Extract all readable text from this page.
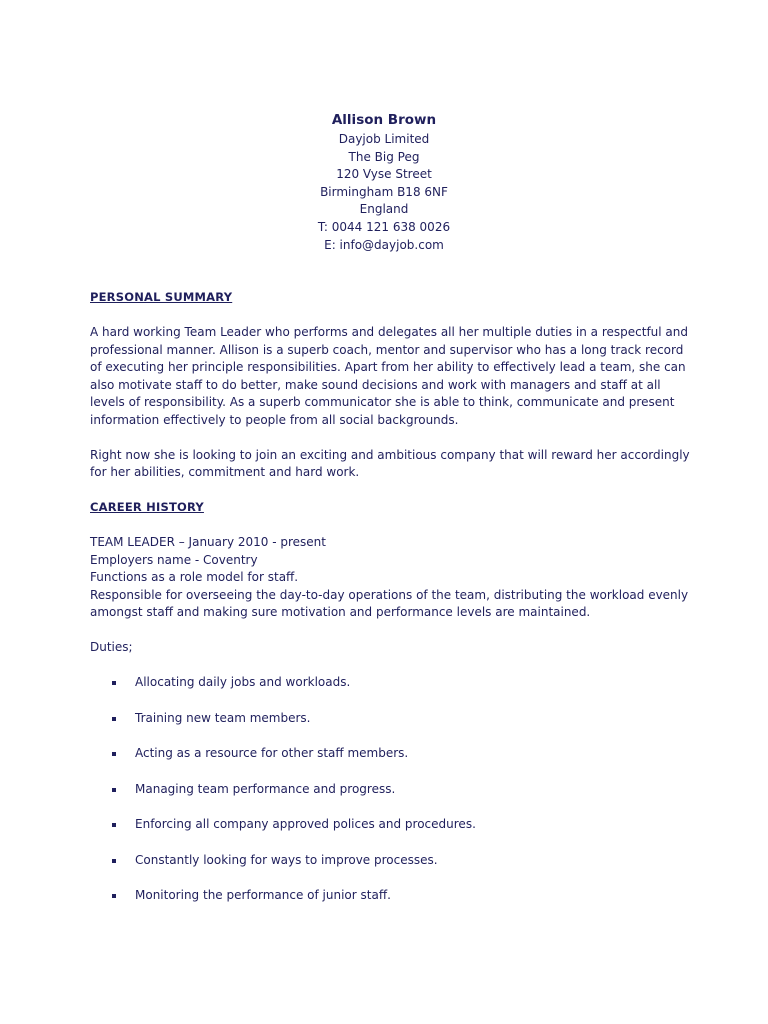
Allison Brown
Dayjob Limited
The Big Peg
120 Vyse Street
Birmingham B18 6NF
England
T: 0044 121 638 0026
E: info@dayjob.com
PERSONAL SUMMARY

A hard working Team Leader who performs and delegates all her multiple duties in a respectful and professional manner. Allison is a superb coach, mentor and supervisor who has a long track record of executing her principle responsibilities. Apart from her ability to effectively lead a team, she can also motivate staff to do better, make sound decisions and work with managers and staff at all levels of responsibility. As a superb communicator she is able to think, communicate and present information effectively to people from all social backgrounds.

Right now she is looking to join an exciting and ambitious company that will reward her accordingly for her abilities, commitment and hard work.

CAREER HISTORY
TEAM LEADER – January 2010 - present
Employers name - Coventry
Functions as a role model for staff.

Responsible for overseeing the day-to-day operations of the team, distributing the workload evenly amongst staff and making sure motivation and performance levels are maintained.

Duties;
Allocating daily jobs and workloads.
Training new team members.
Acting as a resource for other staff members.
Managing team performance and progress.
Enforcing all company approved polices and procedures.
Constantly looking for ways to improve processes.
Monitoring the performance of junior staff.
